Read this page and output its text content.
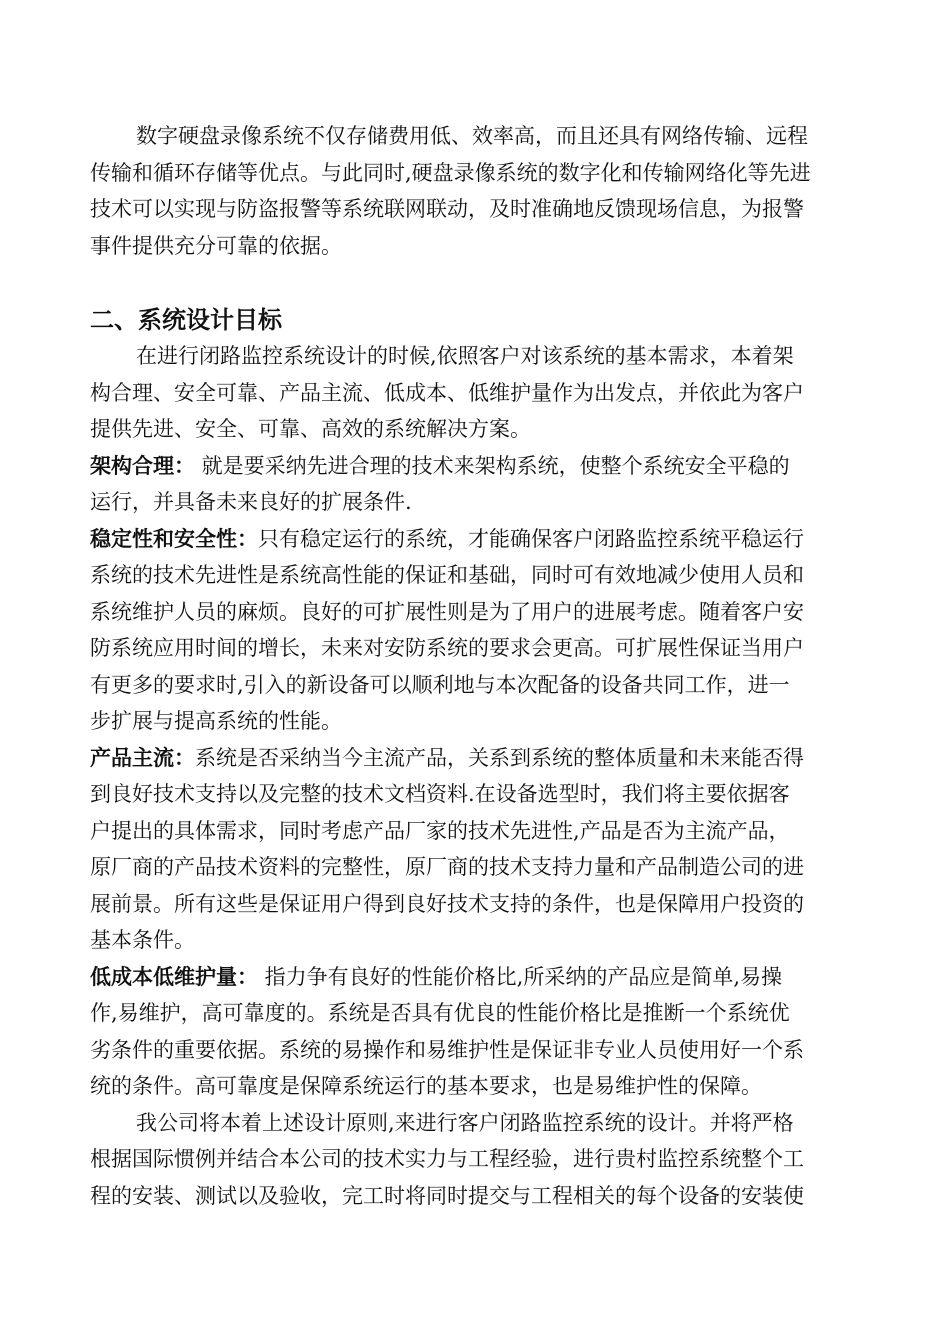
数字硬盘录像系统不仅存储费用低、效率高，而且还具有网络传输、远程
传输和循环存储等优点。与此同时,硬盘录像系统的数字化和传输网络化等先进
技术可以实现与防盗报警等系统联网联动，及时准确地反馈现场信息，为报警
事件提供充分可靠的依据。
二、系统设计目标
在进行闭路监控系统设计的时候,依照客户对该系统的基本需求，本着架
构合理、安全可靠、产品主流、低成本、低维护量作为出发点，并依此为客户
提供先进、安全、可靠、高效的系统解决方案。
架构合理： 就是要采纳先进合理的技术来架构系统，使整个系统安全平稳的
运行，并具备未来良好的扩展条件.
稳定性和安全性：只有稳定运行的系统，才能确保客户闭路监控系统平稳运行
系统的技术先进性是系统高性能的保证和基础，同时可有效地减少使用人员和
系统维护人员的麻烦。良好的可扩展性则是为了用户的进展考虑。随着客户安
防系统应用时间的增长，未来对安防系统的要求会更高。可扩展性保证当用户
有更多的要求时,引入的新设备可以顺利地与本次配备的设备共同工作，进一
步扩展与提高系统的性能。
产品主流：系统是否采纳当今主流产品，关系到系统的整体质量和未来能否得
到良好技术支持以及完整的技术文档资料.在设备选型时，我们将主要依据客
户提出的具体需求，同时考虑产品厂家的技术先进性,产品是否为主流产品，
原厂商的产品技术资料的完整性，原厂商的技术支持力量和产品制造公司的进
展前景。所有这些是保证用户得到良好技术支持的条件，也是保障用户投资的
基本条件。
低成本低维护量： 指力争有良好的性能价格比,所采纳的产品应是简单,易操
作,易维护，高可靠度的。系统是否具有优良的性能价格比是推断一个系统优
劣条件的重要依据。系统的易操作和易维护性是保证非专业人员使用好一个系
统的条件。高可靠度是保障系统运行的基本要求，也是易维护性的保障。
我公司将本着上述设计原则,来进行客户闭路监控系统的设计。并将严格
根据国际惯例并结合本公司的技术实力与工程经验，进行贵村监控系统整个工
程的安装、测试以及验收，完工时将同时提交与工程相关的每个设备的安装使
